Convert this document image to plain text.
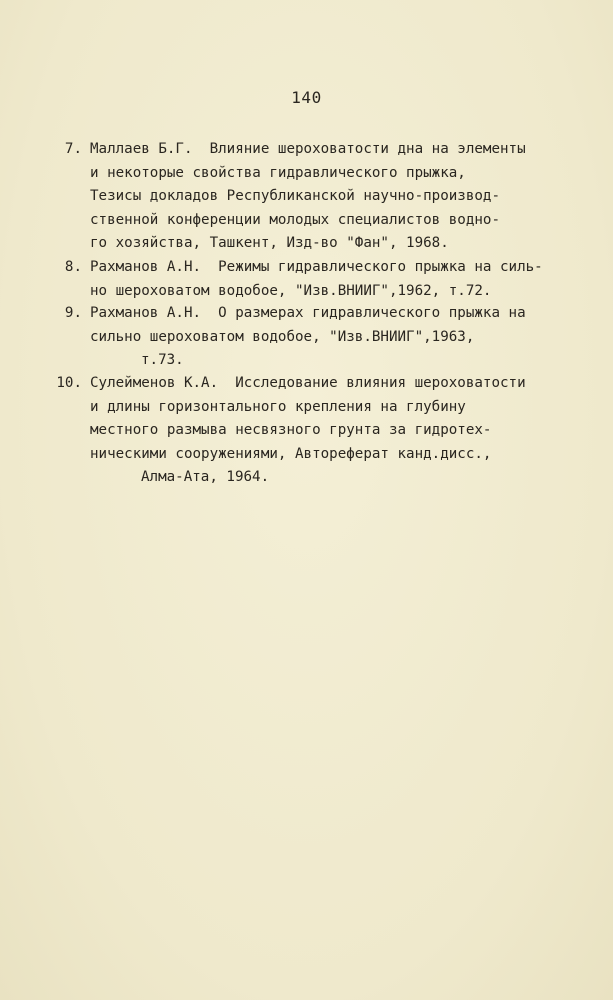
140

7.

Маллаев Б.Г.  Влияние шероховатости дна на элементы

и некоторые свойства гидравлического прыжка,

Тезисы докладов Республиканской научно-производ-

ственной конференции молодых специалистов водно-

го хозяйства, Ташкент, Изд-во "Фан", 1968.

8.

Рахманов А.Н.  Режимы гидравлического прыжка на силь-

но шероховатом водобое, "Изв.ВНИИГ",1962, т.72.

9.

Рахманов А.Н.  О размерах гидравлического прыжка на

сильно шероховатом водобое, "Изв.ВНИИГ",1963,

т.73.

10.

Сулейменов К.А.  Исследование влияния шероховатости

и длины горизонтального крепления на глубину

местного размыва несвязного грунта за гидротех-

ническими сооружениями, Автореферат канд.дисс.,

Алма-Ата, 1964.
